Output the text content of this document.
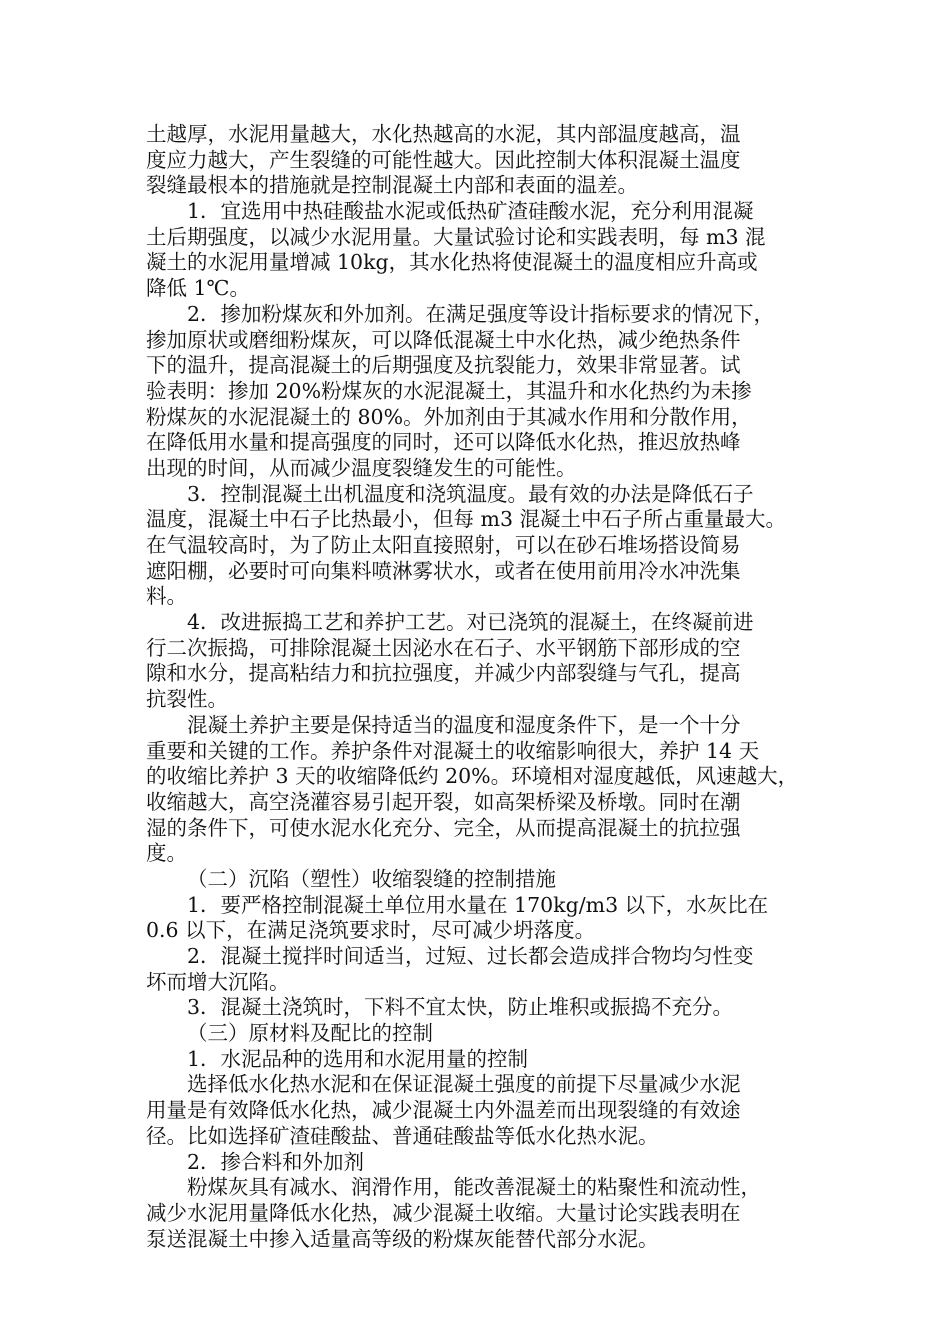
土越厚，水泥用量越大，水化热越高的水泥，其内部温度越高，温
度应力越大，产生裂缝的可能性越大。因此控制大体积混凝土温度
裂缝最根本的措施就是控制混凝土内部和表面的温差。
1．宜选用中热硅酸盐水泥或低热矿渣硅酸水泥，充分利用混凝
土后期强度，以减少水泥用量。大量试验讨论和实践表明，每 m3 混
凝土的水泥用量增减 10kg，其水化热将使混凝土的温度相应升高或
降低 1℃。
2．掺加粉煤灰和外加剂。在满足强度等设计指标要求的情况下，
掺加原状或磨细粉煤灰，可以降低混凝土中水化热，减少绝热条件
下的温升，提高混凝土的后期强度及抗裂能力，效果非常显著。试
验表明：掺加 20%粉煤灰的水泥混凝土，其温升和水化热约为未掺
粉煤灰的水泥混凝土的 80%。外加剂由于其减水作用和分散作用，
在降低用水量和提高强度的同时，还可以降低水化热，推迟放热峰
出现的时间，从而减少温度裂缝发生的可能性。
3．控制混凝土出机温度和浇筑温度。最有效的办法是降低石子
温度，混凝土中石子比热最小，但每 m3 混凝土中石子所占重量最大。
在气温较高时，为了防止太阳直接照射，可以在砂石堆场搭设简易
遮阳棚，必要时可向集料喷淋雾状水，或者在使用前用冷水冲洗集
料。
4．改进振捣工艺和养护工艺。对已浇筑的混凝土，在终凝前进
行二次振捣，可排除混凝土因泌水在石子、水平钢筋下部形成的空
隙和水分，提高粘结力和抗拉强度，并减少内部裂缝与气孔，提高
抗裂性。
混凝土养护主要是保持适当的温度和湿度条件下，是一个十分
重要和关键的工作。养护条件对混凝土的收缩影响很大，养护 14 天
的收缩比养护 3 天的收缩降低约 20%。环境相对湿度越低，风速越大，
收缩越大，高空浇灌容易引起开裂，如高架桥梁及桥墩。同时在潮
湿的条件下，可使水泥水化充分、完全，从而提高混凝土的抗拉强
度。
（二）沉陷（塑性）收缩裂缝的控制措施
1．要严格控制混凝土单位用水量在 170kg/m3 以下，水灰比在
0.6 以下，在满足浇筑要求时，尽可减少坍落度。
2．混凝土搅拌时间适当，过短、过长都会造成拌合物均匀性变
坏而增大沉陷。
3．混凝土浇筑时，下料不宜太快，防止堆积或振捣不充分。
（三）原材料及配比的控制
1．水泥品种的选用和水泥用量的控制
选择低水化热水泥和在保证混凝土强度的前提下尽量减少水泥
用量是有效降低水化热，减少混凝土内外温差而出现裂缝的有效途
径。比如选择矿渣硅酸盐、普通硅酸盐等低水化热水泥。
2．掺合料和外加剂
粉煤灰具有减水、润滑作用，能改善混凝土的粘聚性和流动性，
减少水泥用量降低水化热，减少混凝土收缩。大量讨论实践表明在
泵送混凝土中掺入适量高等级的粉煤灰能替代部分水泥。
